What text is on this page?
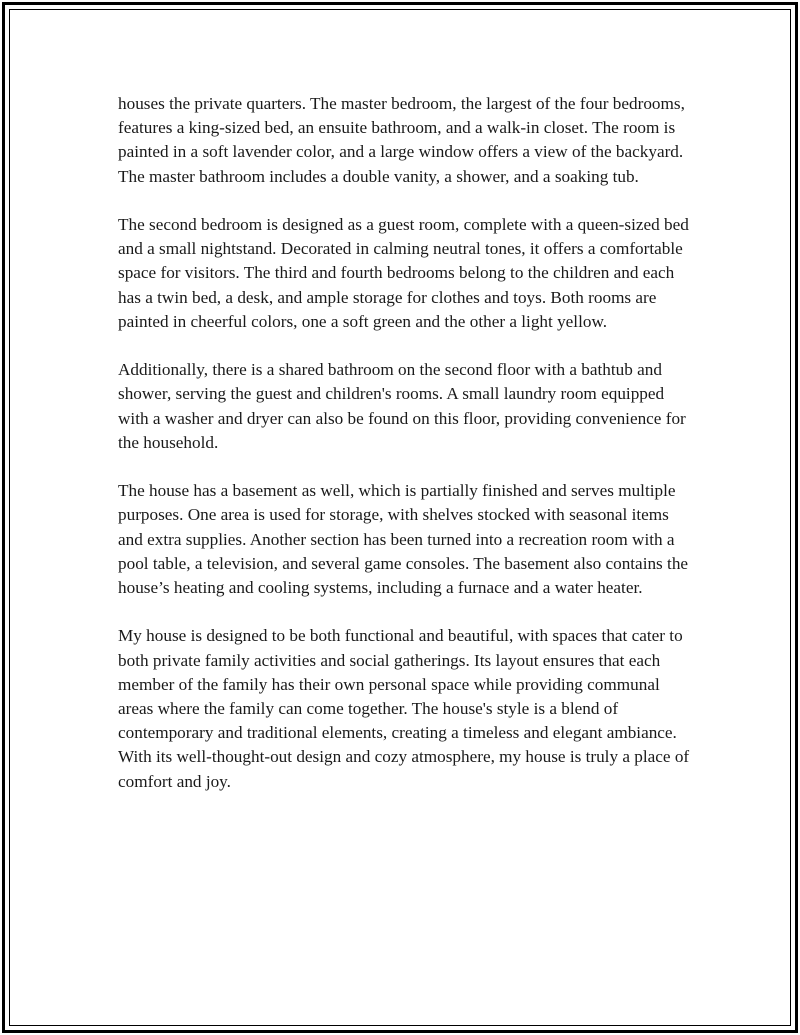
houses the private quarters. The master bedroom, the largest of the four bedrooms, features a king-sized bed, an ensuite bathroom, and a walk-in closet. The room is painted in a soft lavender color, and a large window offers a view of the backyard. The master bathroom includes a double vanity, a shower, and a soaking tub.

The second bedroom is designed as a guest room, complete with a queen-sized bed and a small nightstand. Decorated in calming neutral tones, it offers a comfortable space for visitors. The third and fourth bedrooms belong to the children and each has a twin bed, a desk, and ample storage for clothes and toys. Both rooms are painted in cheerful colors, one a soft green and the other a light yellow.

Additionally, there is a shared bathroom on the second floor with a bathtub and shower, serving the guest and children's rooms. A small laundry room equipped with a washer and dryer can also be found on this floor, providing convenience for the household.

The house has a basement as well, which is partially finished and serves multiple purposes. One area is used for storage, with shelves stocked with seasonal items and extra supplies. Another section has been turned into a recreation room with a pool table, a television, and several game consoles. The basement also contains the house’s heating and cooling systems, including a furnace and a water heater.

My house is designed to be both functional and beautiful, with spaces that cater to both private family activities and social gatherings. Its layout ensures that each member of the family has their own personal space while providing communal areas where the family can come together. The house's style is a blend of contemporary and traditional elements, creating a timeless and elegant ambiance. With its well-thought-out design and cozy atmosphere, my house is truly a place of comfort and joy.
